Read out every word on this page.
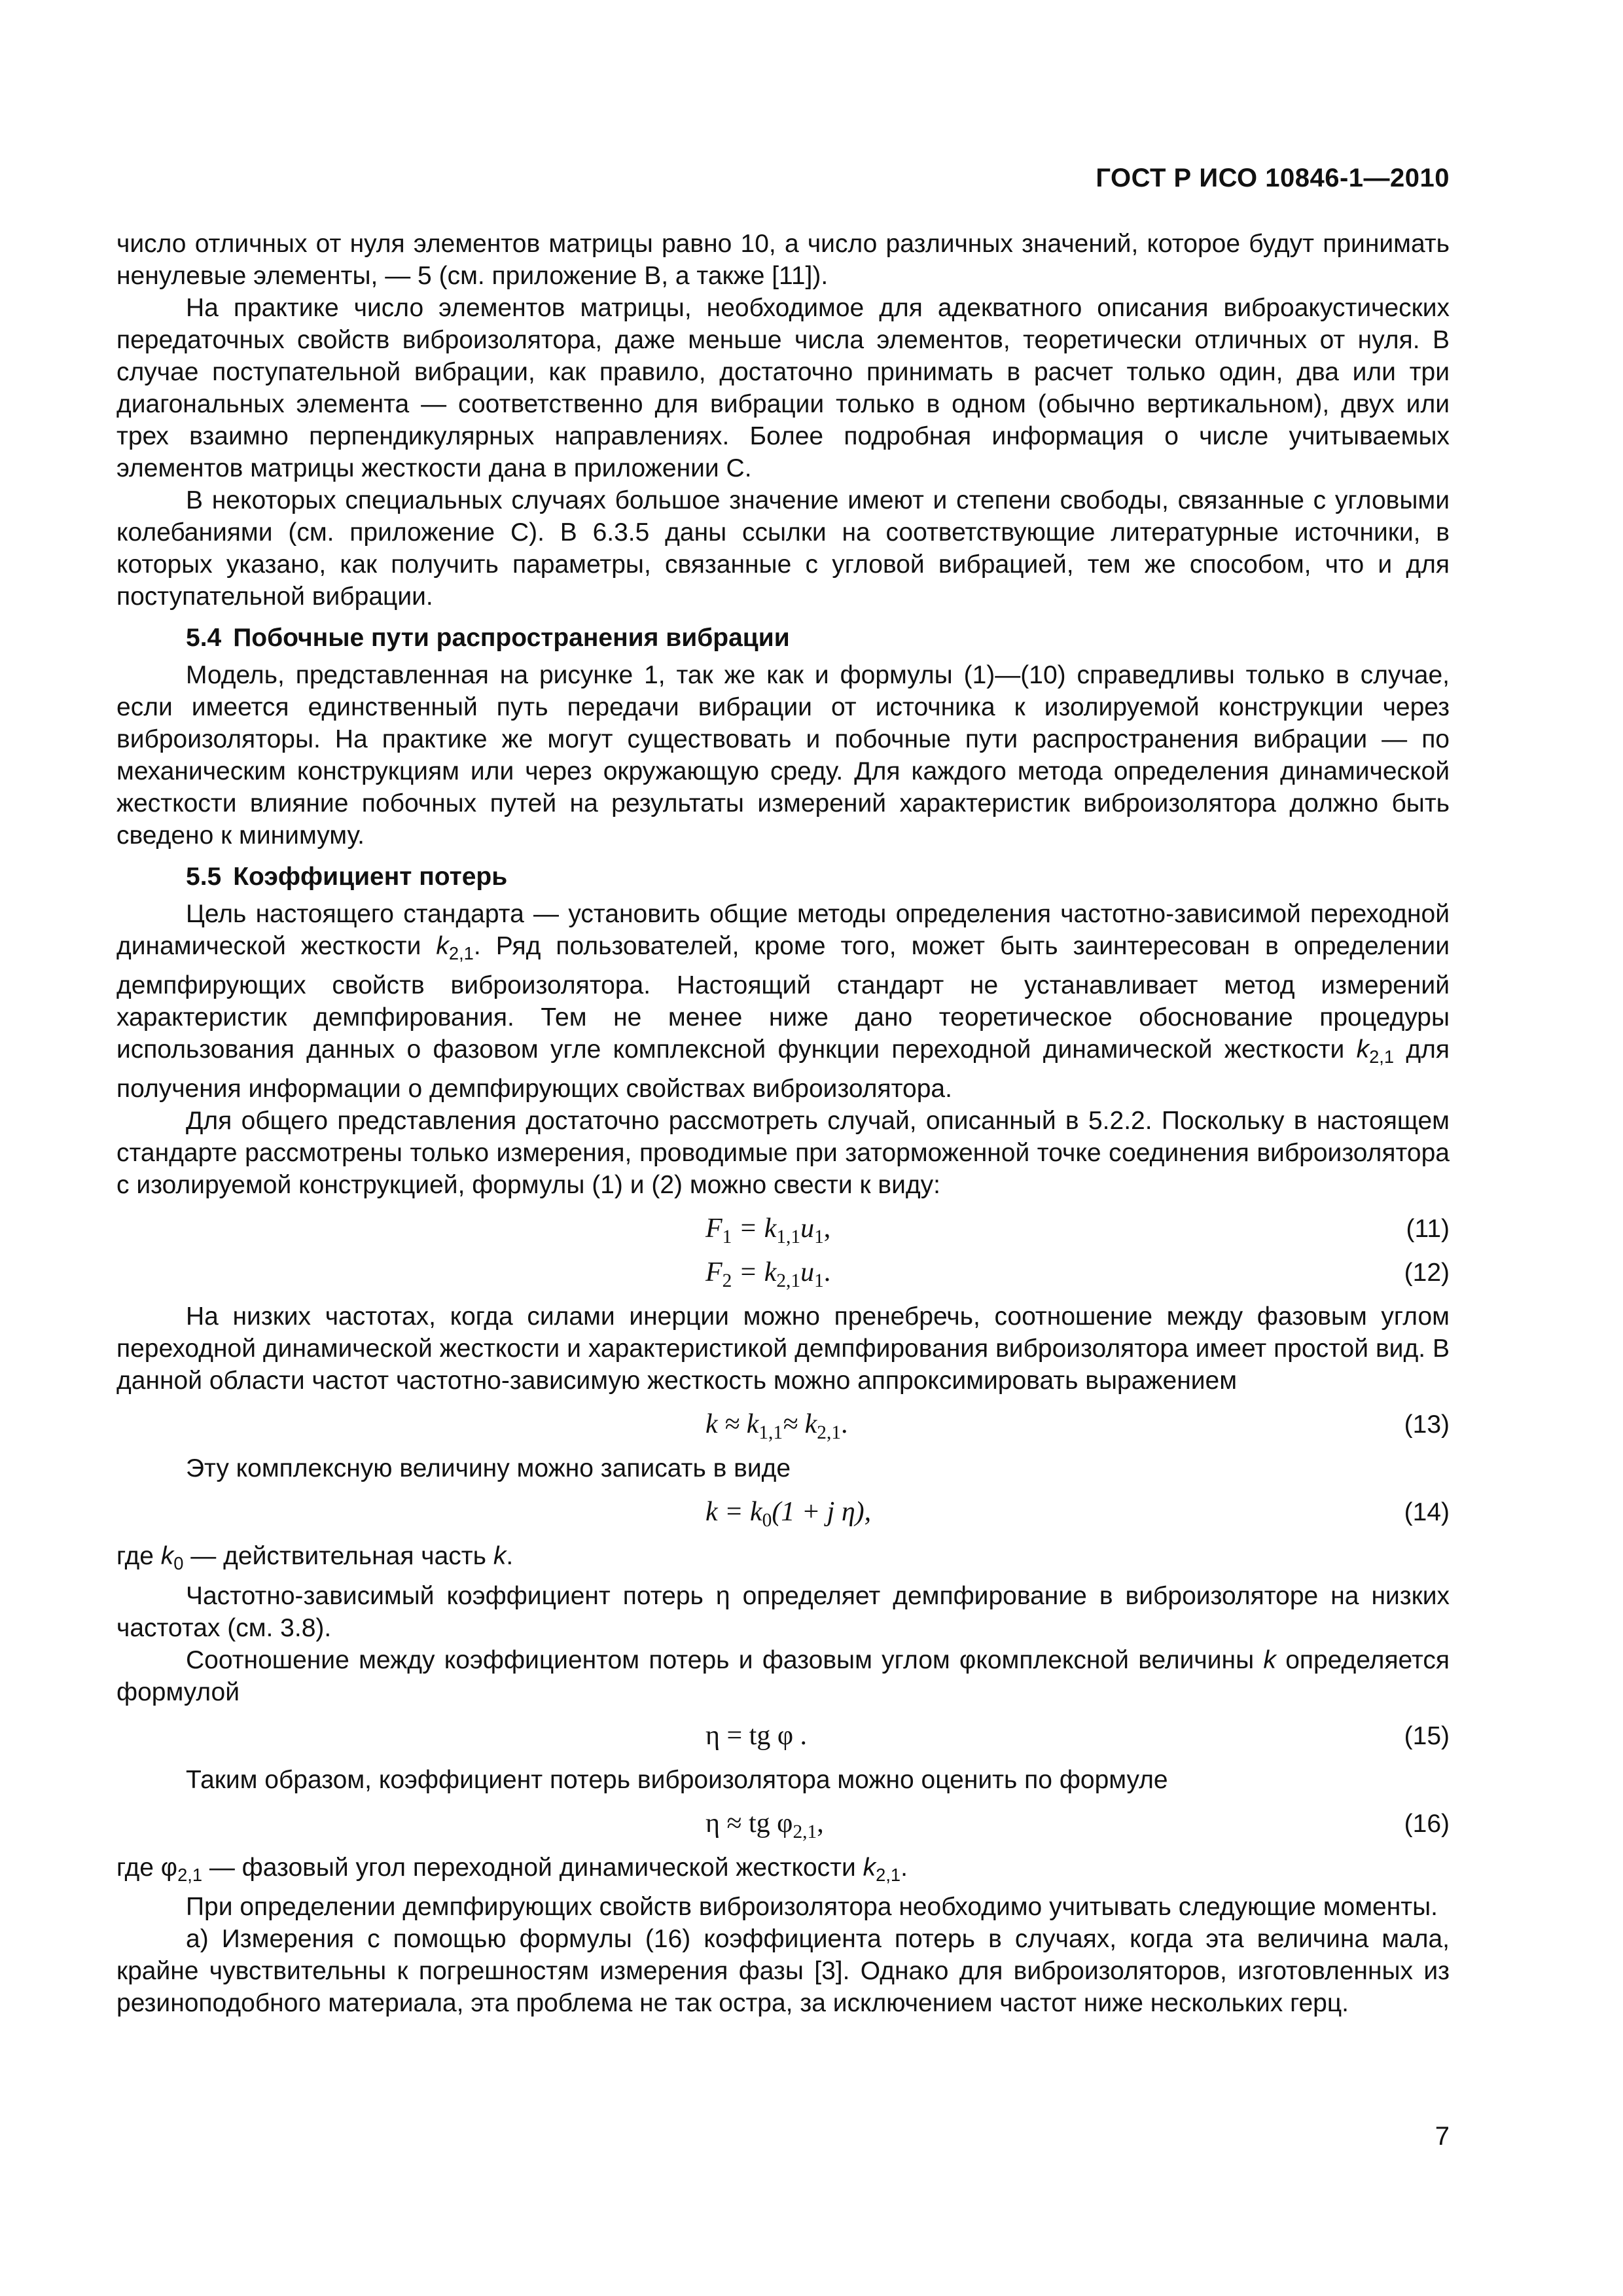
ГОСТ Р ИСО 10846-1—2010

число отличных от нуля элементов матрицы равно 10, а число различных значений, которое будут принимать ненулевые элементы, — 5 (см. приложение В, а также [11]).

На практике число элементов матрицы, необходимое для адекватного описания виброакустических передаточных свойств виброизолятора, даже меньше числа элементов, теоретически отличных от нуля. В случае поступательной вибрации, как правило, достаточно принимать в расчет только один, два или три диагональных элемента — соответственно для вибрации только в одном (обычно вертикальном), двух или трех взаимно перпендикулярных направлениях. Более подробная информация о числе учитываемых элементов матрицы жесткости дана в приложении С.

В некоторых специальных случаях большое значение имеют и степени свободы, связанные с угловыми колебаниями (см. приложение С). В 6.3.5 даны ссылки на соответствующие литературные источники, в которых указано, как получить параметры, связанные с угловой вибрацией, тем же способом, что и для поступательной вибрации.

5.4 Побочные пути распространения вибрации

Модель, представленная на рисунке 1, так же как и формулы (1)—(10) справедливы только в случае, если имеется единственный путь передачи вибрации от источника к изолируемой конструкции через виброизоляторы. На практике же могут существовать и побочные пути распространения вибрации — по механическим конструкциям или через окружающую среду. Для каждого метода определения динамической жесткости влияние побочных путей на результаты измерений характеристик виброизолятора должно быть сведено к минимуму.

5.5 Коэффициент потерь

Цель настоящего стандарта — установить общие методы определения частотно-зависимой переходной динамической жесткости $k_{2,1}$. Ряд пользователей, кроме того, может быть заинтересован в определении демпфирующих свойств виброизолятора. Настоящий стандарт не устанавливает метод измерений характеристик демпфирования. Тем не менее ниже дано теоретическое обоснование процедуры использования данных о фазовом угле комплексной функции переходной динамической жесткости $k_{2,1}$ для получения информации о демпфирующих свойствах виброизолятора.

Для общего представления достаточно рассмотреть случай, описанный в 5.2.2. Поскольку в настоящем стандарте рассмотрены только измерения, проводимые при заторможенной точке соединения виброизолятора с изолируемой конструкцией, формулы (1) и (2) можно свести к виду:

$F_1 = k_{1,1}u_1$,	(11)
$F_2 = k_{2,1}u_1$.	(12)

На низких частотах, когда силами инерции можно пренебречь, соотношение между фазовым углом переходной динамической жесткости и характеристикой демпфирования виброизолятора имеет простой вид. В данной области частот частотно-зависимую жесткость можно аппроксимировать выражением

$k \approx k_{1,1}\approx k_{2,1}$.	(13)

Эту комплексную величину можно записать в виде

$k = k_0(1 + j$ η),	(14)

где $k_0$ — действительная часть k.

Частотно-зависимый коэффициент потерь η определяет демпфирование в виброизоляторе на низких частотах (см. 3.8).

Соотношение между коэффициентом потерь и фазовым углом φкомплексной величины k определяется формулой

η = tg φ .	(15)

Таким образом, коэффициент потерь виброизолятора можно оценить по формуле

η ≈ tg $\varphi_{2,1}$,	(16)

где $\varphi_{2,1}$ — фазовый угол переходной динамической жесткости $k_{2,1}$.

При определении демпфирующих свойств виброизолятора необходимо учитывать следующие моменты.

а) Измерения с помощью формулы (16) коэффициента потерь в случаях, когда эта величина мала, крайне чувствительны к погрешностям измерения фазы [3]. Однако для виброизоляторов, изготовленных из резиноподобного материала, эта проблема не так остра, за исключением частот ниже нескольких герц.

7
